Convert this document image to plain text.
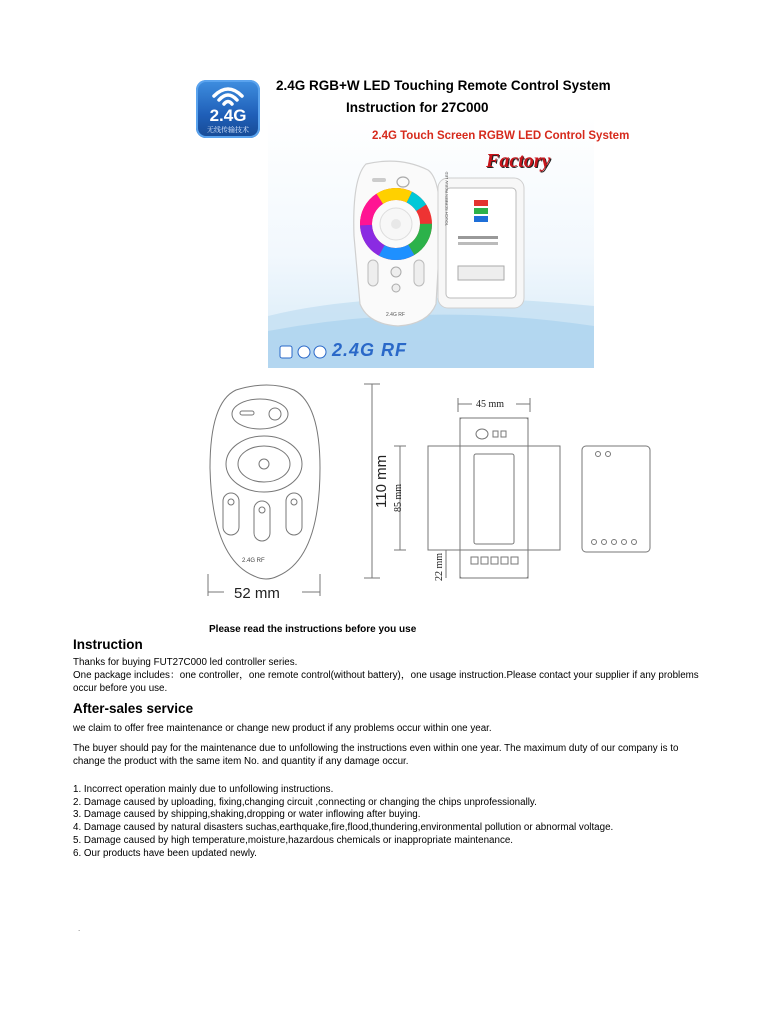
2.4G
无线传输技术
2.4G RGB+W LED Touching Remote Control System
Instruction for 27C000
2.4G Touch Screen RGBW LED Control System
Factory
2.4G RF
TOUCH SCREEN RGBW LED
2.4G RF
2.4G RF
110 mm
52 mm
45 mm
85 mm
22 mm
Please read the instructions before you use
Instruction
Thanks for buying FUT27C000 led controller series.
One package includes：one controller，one remote control(without battery)，one usage instruction.Please contact your supplier if any problems occur before you use.
After-sales service
we claim to offer free maintenance or change new product if any problems occur within one year.
The buyer should pay for the maintenance due to unfollowing the instructions even within one year. The maximum duty of our company is to change the product with the same item No. and quantity if any damage occur.
1. Incorrect operation mainly due to unfollowing instructions.
2. Damage caused by uploading, fixing,changing circuit ,connecting or changing the chips unprofessionally.
3. Damage caused by shipping,shaking,dropping or water inflowing after buying.
4. Damage caused by natural disasters suchas,earthquake,fire,flood,thundering,environmental pollution or abnormal voltage.
5. Damage caused by high temperature,moisture,hazardous chemicals or inappropriate maintenance.
6. Our products have been updated newly.
.
